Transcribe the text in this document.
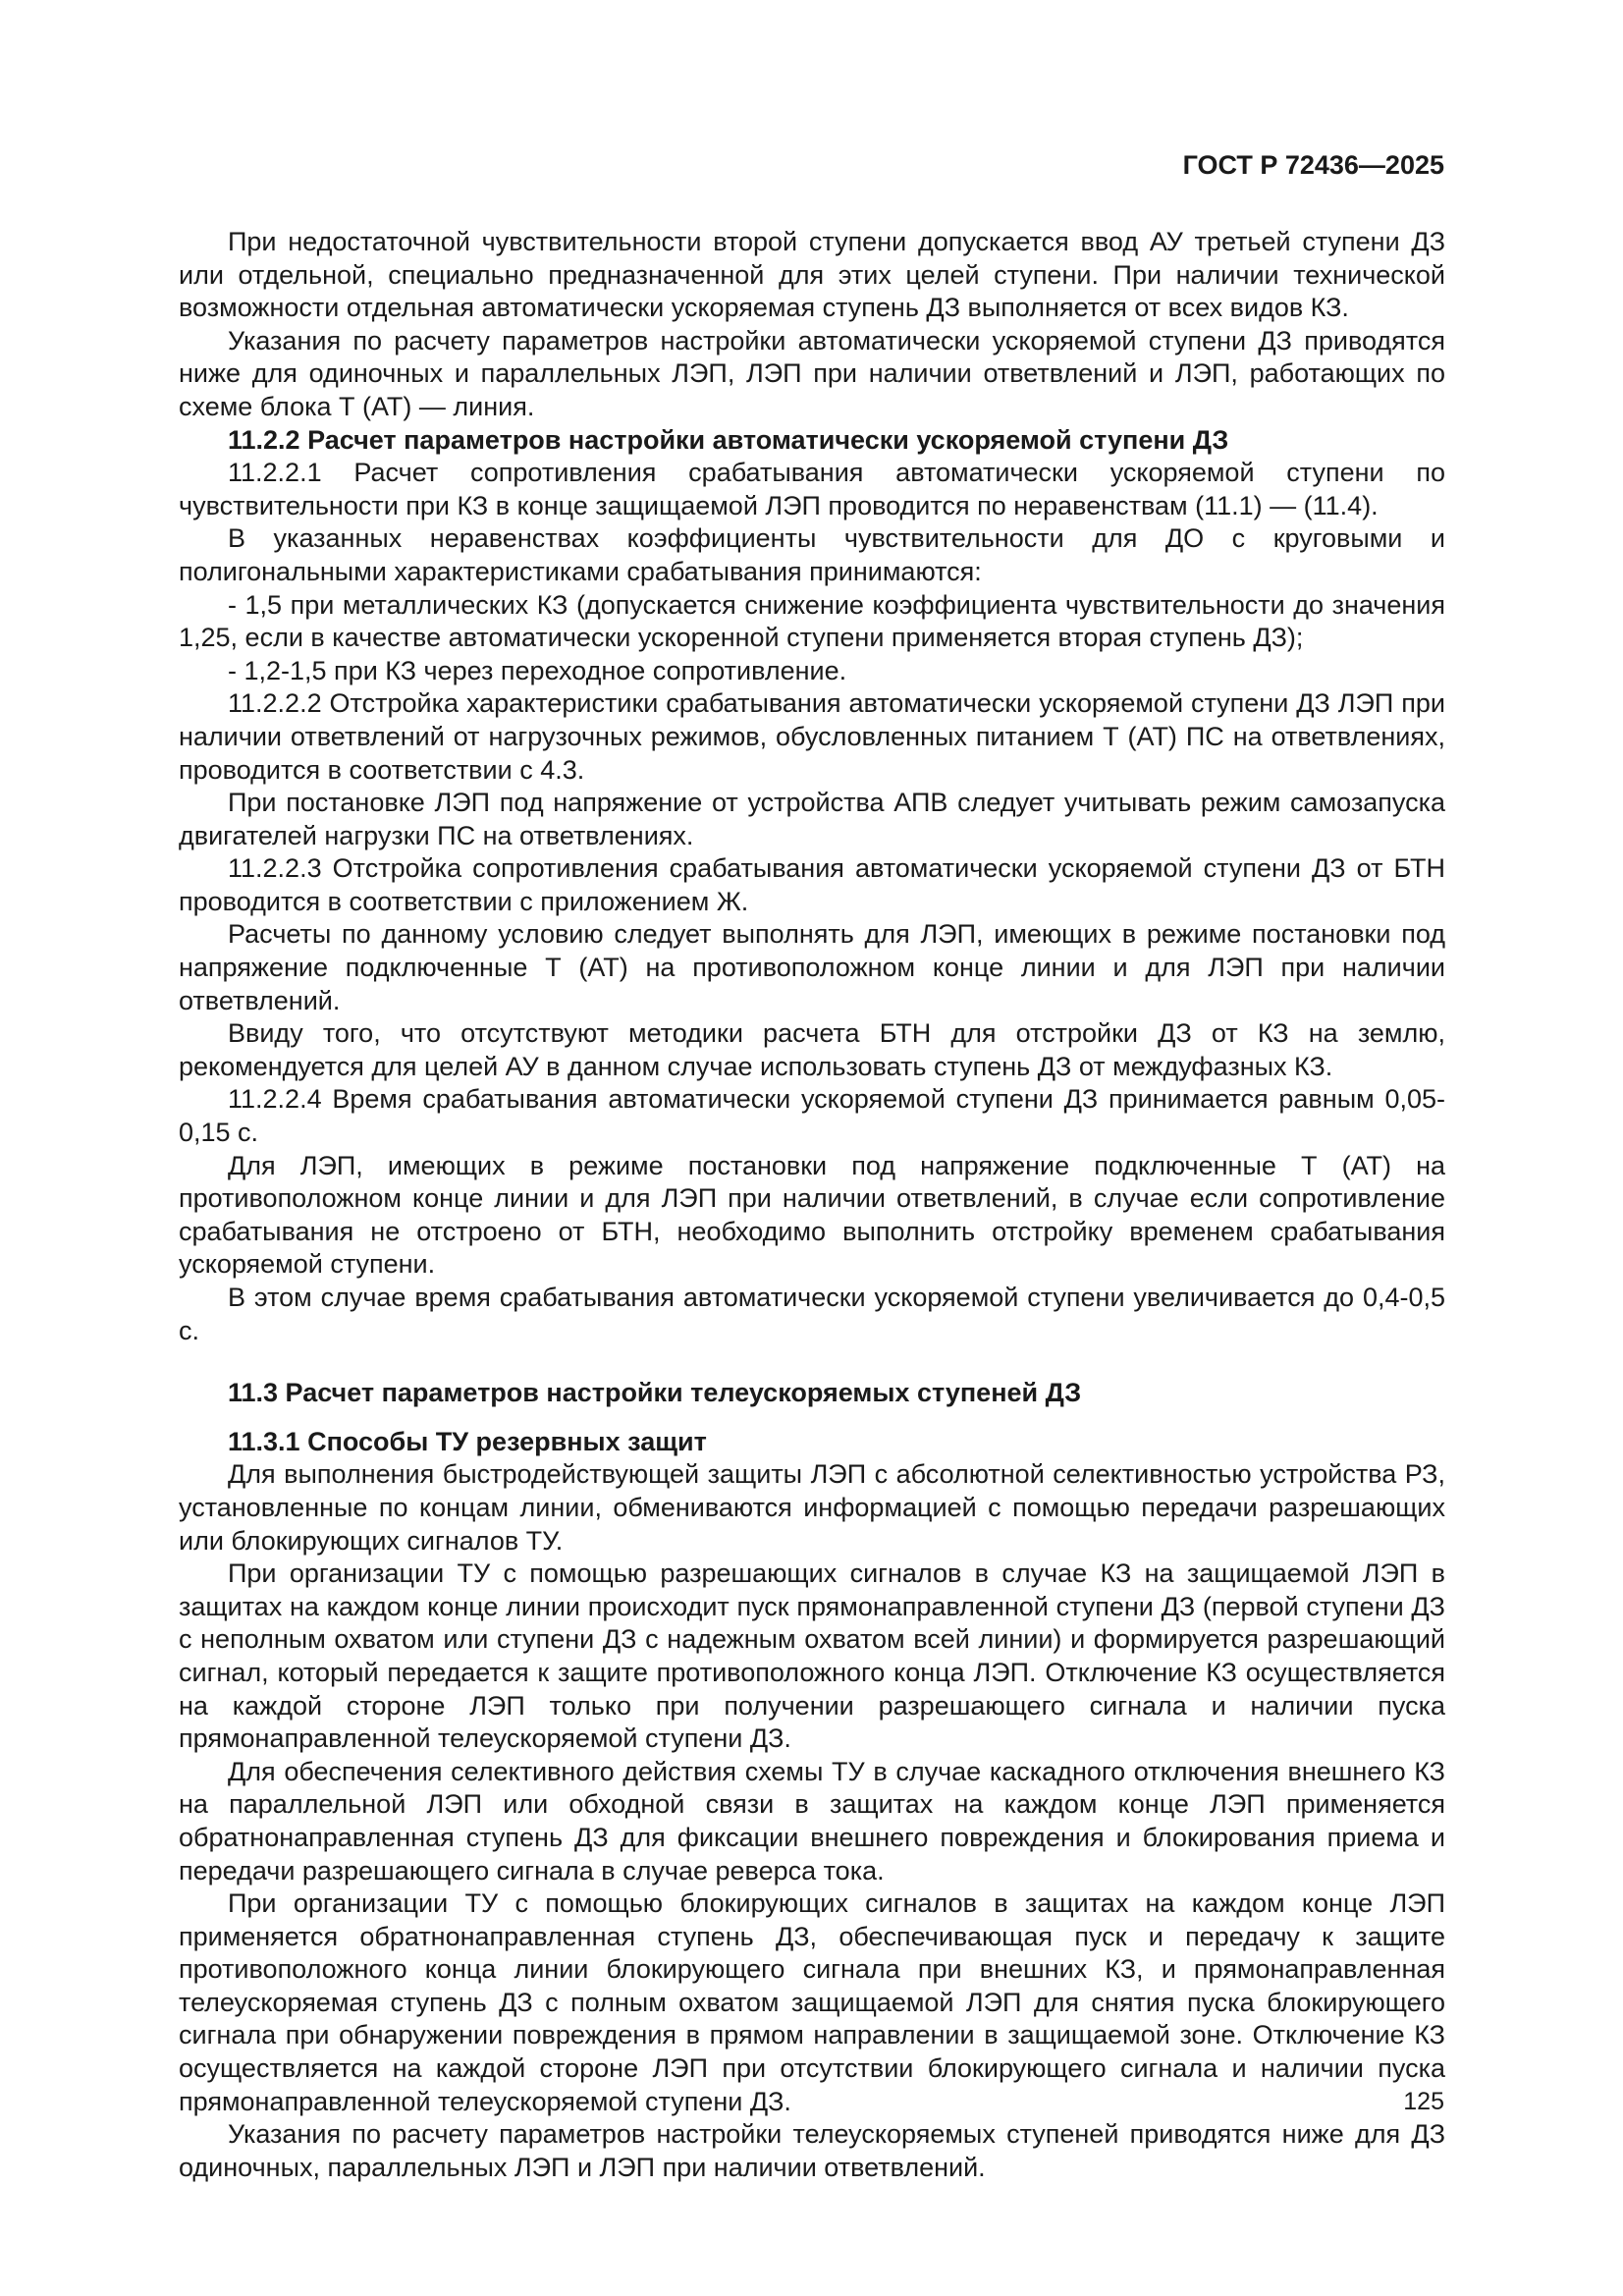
ГОСТ Р 72436—2025

При недостаточной чувствительности второй ступени допускается ввод АУ третьей ступени ДЗ или отдельной, специально предназначенной для этих целей ступени. При наличии технической возможности отдельная автоматически ускоряемая ступень ДЗ выполняется от всех видов КЗ.

Указания по расчету параметров настройки автоматически ускоряемой ступени ДЗ приводятся ниже для одиночных и параллельных ЛЭП, ЛЭП при наличии ответвлений и ЛЭП, работающих по схеме блока Т (АТ) — линия.

11.2.2 Расчет параметров настройки автоматически ускоряемой ступени ДЗ

11.2.2.1 Расчет сопротивления срабатывания автоматически ускоряемой ступени по чувствительности при КЗ в конце защищаемой ЛЭП проводится по неравенствам (11.1) — (11.4).

В указанных неравенствах коэффициенты чувствительности для ДО с круговыми и полигональными характеристиками срабатывания принимаются:

- 1,5 при металлических КЗ (допускается снижение коэффициента чувствительности до значения 1,25, если в качестве автоматически ускоренной ступени применяется вторая ступень ДЗ);

- 1,2-1,5 при КЗ через переходное сопротивление.

11.2.2.2 Отстройка характеристики срабатывания автоматически ускоряемой ступени ДЗ ЛЭП при наличии ответвлений от нагрузочных режимов, обусловленных питанием Т (АТ) ПС на ответвлениях, проводится в соответствии с 4.3.

При постановке ЛЭП под напряжение от устройства АПВ следует учитывать режим самозапуска двигателей нагрузки ПС на ответвлениях.

11.2.2.3 Отстройка сопротивления срабатывания автоматически ускоряемой ступени ДЗ от БТН проводится в соответствии с приложением Ж.

Расчеты по данному условию следует выполнять для ЛЭП, имеющих в режиме постановки под напряжение подключенные Т (АТ) на противоположном конце линии и для ЛЭП при наличии ответвлений.

Ввиду того, что отсутствуют методики расчета БТН для отстройки ДЗ от КЗ на землю, рекомендуется для целей АУ в данном случае использовать ступень ДЗ от междуфазных КЗ.

11.2.2.4 Время срабатывания автоматически ускоряемой ступени ДЗ принимается равным 0,05-0,15 с.

Для ЛЭП, имеющих в режиме постановки под напряжение подключенные Т (АТ) на противоположном конце линии и для ЛЭП при наличии ответвлений, в случае если сопротивление срабатывания не отстроено от БТН, необходимо выполнить отстройку временем срабатывания ускоряемой ступени.

В этом случае время срабатывания автоматически ускоряемой ступени увеличивается до 0,4-0,5 с.

11.3 Расчет параметров настройки телеускоряемых ступеней ДЗ

11.3.1 Способы ТУ резервных защит

Для выполнения быстродействующей защиты ЛЭП с абсолютной селективностью устройства РЗ, установленные по концам линии, обмениваются информацией с помощью передачи разрешающих или блокирующих сигналов ТУ.

При организации ТУ с помощью разрешающих сигналов в случае КЗ на защищаемой ЛЭП в защитах на каждом конце линии происходит пуск прямонаправленной ступени ДЗ (первой ступени ДЗ с неполным охватом или ступени ДЗ с надежным охватом всей линии) и формируется разрешающий сигнал, который передается к защите противоположного конца ЛЭП. Отключение КЗ осуществляется на каждой стороне ЛЭП только при получении разрешающего сигнала и наличии пуска прямонаправленной телеускоряемой ступени ДЗ.

Для обеспечения селективного действия схемы ТУ в случае каскадного отключения внешнего КЗ на параллельной ЛЭП или обходной связи в защитах на каждом конце ЛЭП применяется обратнонаправленная ступень ДЗ для фиксации внешнего повреждения и блокирования приема и передачи разрешающего сигнала в случае реверса тока.

При организации ТУ с помощью блокирующих сигналов в защитах на каждом конце ЛЭП применяется обратнонаправленная ступень ДЗ, обеспечивающая пуск и передачу к защите противоположного конца линии блокирующего сигнала при внешних КЗ, и прямонаправленная телеускоряемая ступень ДЗ с полным охватом защищаемой ЛЭП для снятия пуска блокирующего сигнала при обнаружении повреждения в прямом направлении в защищаемой зоне. Отключение КЗ осуществляется на каждой стороне ЛЭП при отсутствии блокирующего сигнала и наличии пуска прямонаправленной телеускоряемой ступени ДЗ.

Указания по расчету параметров настройки телеускоряемых ступеней приводятся ниже для ДЗ одиночных, параллельных ЛЭП и ЛЭП при наличии ответвлений.

125
